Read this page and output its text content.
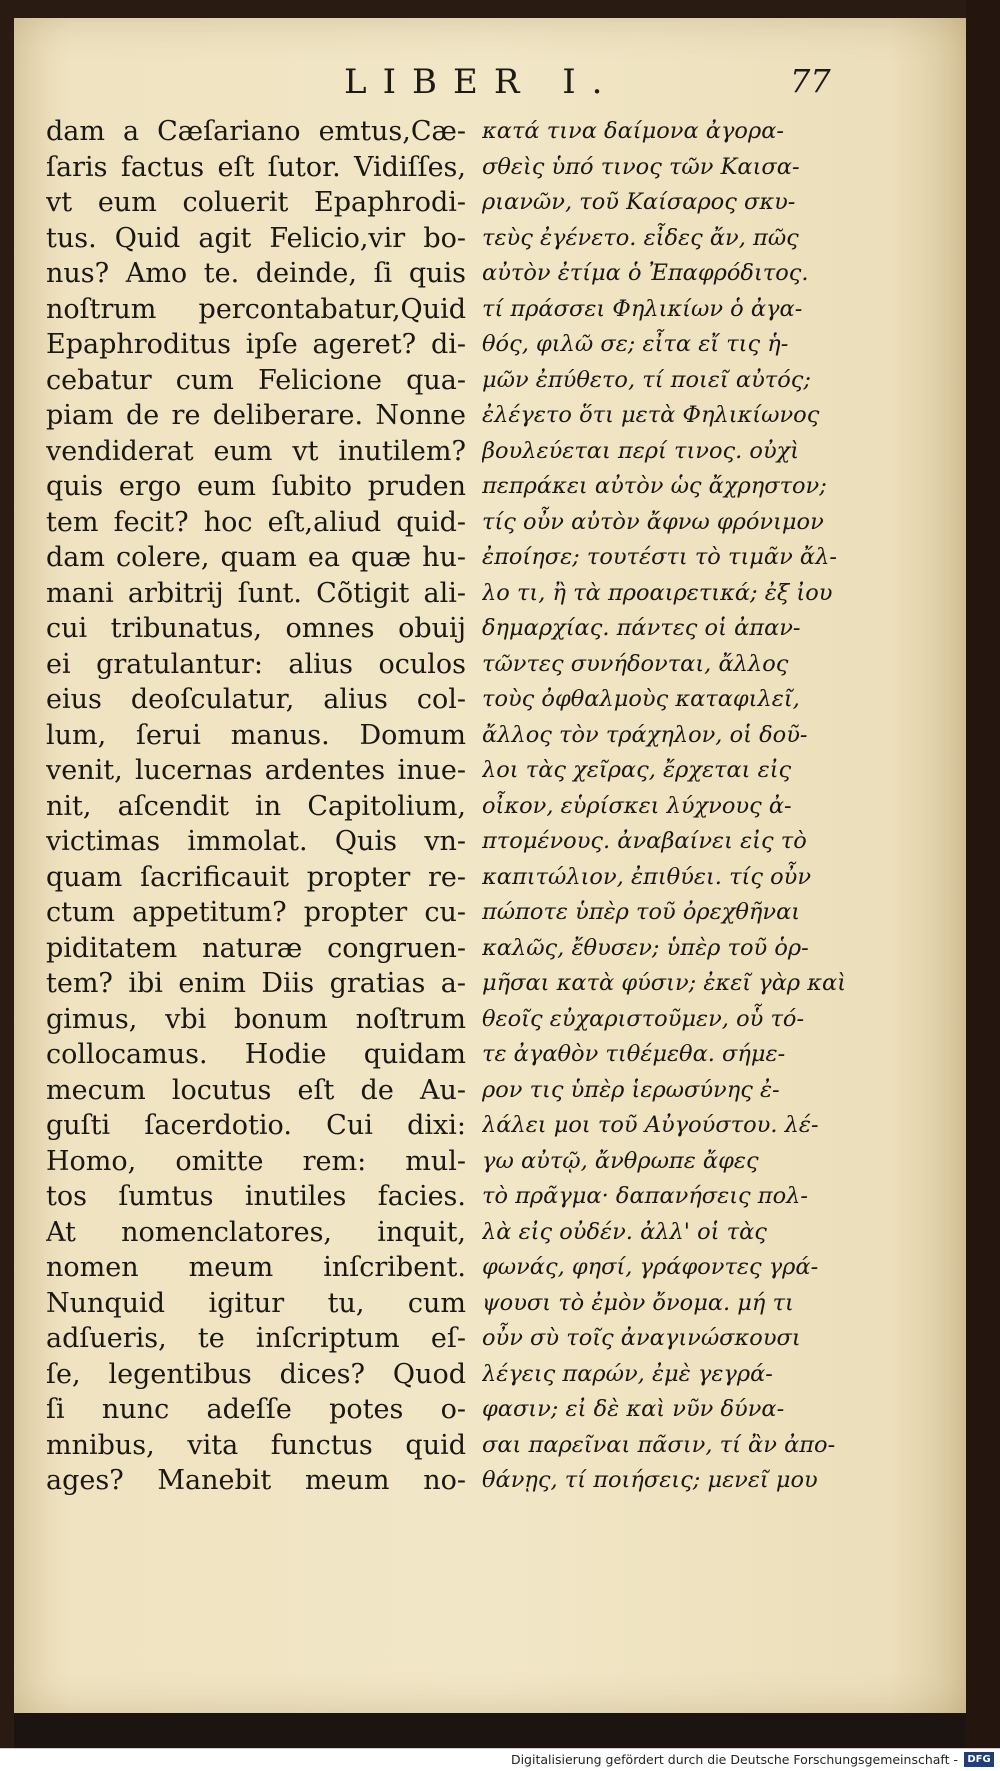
LIBER I.	77
dam a Cæſariano emtus,Cæ-
ſaris factus eſt ſutor. Vidiſſes,
vt eum coluerit Epaphrodi-
tus. Quid agit Felicio,vir bo-
nus? Amo te. deinde, ſi quis
noſtrum percontabatur,Quid
Epaphroditus ipſe ageret? di-
cebatur cum Felicione qua-
piam de re deliberare. Nonne
vendiderat eum vt inutilem?
quis ergo eum ſubito pruden
tem fecit? hoc eſt,aliud quid-
dam colere, quam ea quæ hu-
mani arbitrij ſunt. Cõtigit ali-
cui tribunatus, omnes obuij
ei gratulantur: alius oculos
eius deoſculatur, alius col-
lum, ſerui manus. Domum
venit, lucernas ardentes inue-
nit, aſcendit in Capitolium,
victimas immolat. Quis vn-
quam ſacrificauit propter re-
ctum appetitum? propter cu-
piditatem naturæ congruen-
tem? ibi enim Diis gratias a-
gimus, vbi bonum noſtrum
collocamus. Hodie quidam
mecum locutus eſt de Au-
guſti ſacerdotio. Cui dixi:
Homo, omitte rem: mul-
tos ſumtus inutiles facies.
At nomenclatores, inquit,
nomen meum inſcribent.
Nunquid igitur tu, cum
adſueris, te inſcriptum eſ-
ſe, legentibus dices? Quod
ſi nunc adeſſe potes o-
mnibus, vita functus quid
ages? Manebit meum no-
κατά τινα δαίμονα ἀγορα-
σθεὶς ὑπό τινος τῶν Καισα-
ριανῶν, τοῦ Καίσαρος σκυ-
τεὺς ἐγένετο. εἶδες ἄν, πῶς
αὐτὸν ἐτίμα ὁ Ἐπαφρόδιτος.
τί πράσσει Φηλικίων ὁ ἀγα-
θός, φιλῶ σε; εἶτα εἴ τις ἡ-
μῶν ἐπύθετο, τί ποιεῖ αὐτός;
ἐλέγετο ὅτι μετὰ Φηλικίωνος
βουλεύεται περί τινος. οὐχὶ
πεπράκει αὐτὸν ὡς ἄχρηστον;
τίς οὖν αὐτὸν ἄφνω φρόνιμον
ἐποίησε; τουτέστι τὸ τιμᾶν ἄλ-
λο τι, ἢ τὰ προαιρετικά; ἐξ ἰου
δημαρχίας. πάντες οἱ ἀπαν-
τῶντες συνήδονται, ἄλλος
τοὺς ὀφθαλμοὺς καταφιλεῖ,
ἄλλος τὸν τράχηλον, οἱ δοῦ-
λοι τὰς χεῖρας, ἔρχεται εἰς
οἶκον, εὑρίσκει λύχνους ἀ-
πτομένους. ἀναβαίνει εἰς τὸ
καπιτώλιον, ἐπιθύει. τίς οὖν
πώποτε ὑπὲρ τοῦ ὀρεχθῆναι
καλῶς, ἔθυσεν; ὑπὲρ τοῦ ὁρ-
μῆσαι κατὰ φύσιν; ἐκεῖ γὰρ καὶ
θεοῖς εὐχαριστοῦμεν, οὗ τό-
τε ἀγαθὸν τιθέμεθα. σήμε-
ρον τις ὑπὲρ ἱερωσύνης ἐ-
λάλει μοι τοῦ Αὐγούστου. λέ-
γω αὐτῷ, ἄνθρωπε ἄφες
τὸ πρᾶγμα· δαπανήσεις πολ-
λὰ εἰς οὐδέν. ἀλλ' οἱ τὰς
φωνάς, φησί, γράφοντες γρά-
ψουσι τὸ ἐμὸν ὄνομα. μή τι
οὖν σὺ τοῖς ἀναγινώσκουσι
λέγεις παρών, ἐμὲ γεγρά-
φασιν; εἰ δὲ καὶ νῦν δύνα-
σαι παρεῖναι πᾶσιν, τί ἂν ἀπο-
θάνῃς, τί ποιήσεις; μενεῖ μου
Digitalisierung gefördert durch die Deutsche Forschungsgemeinschaft - DFG
